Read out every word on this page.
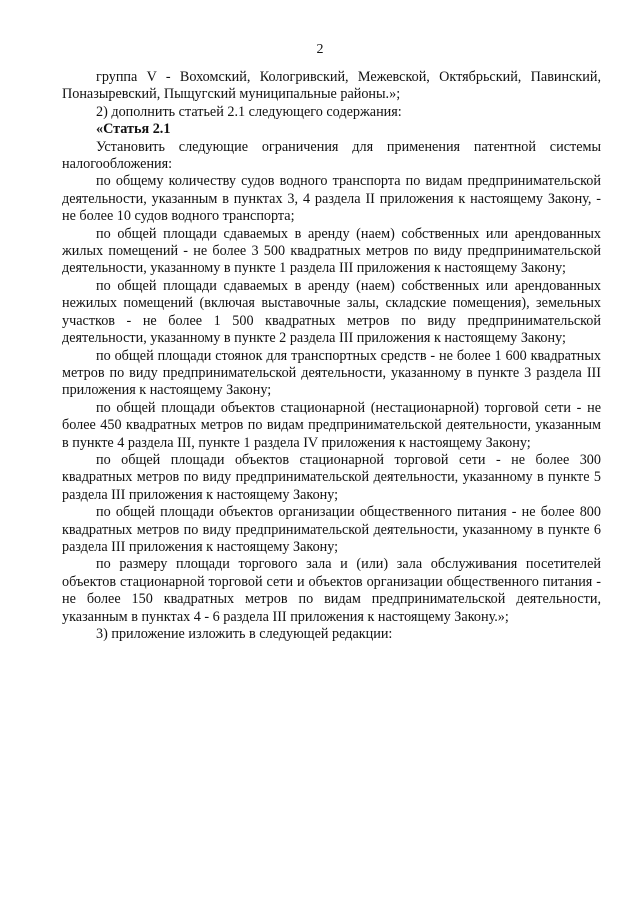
2

группа V - Вохомский, Кологривский, Межевской, Октябрьский, Павинский, Поназыревский, Пыщугский муниципальные районы.»;

2) дополнить статьей 2.1 следующего содержания:

«Статья 2.1

Установить следующие ограничения для применения патентной системы налогообложения:

по общему количеству судов водного транспорта по видам предпринимательской деятельности, указанным в пунктах 3, 4 раздела II приложения к настоящему Закону, - не более 10 судов водного транспорта;

по общей площади сдаваемых в аренду (наем) собственных или арендованных жилых помещений - не более 3 500 квадратных метров по виду предпринимательской деятельности, указанному в пункте 1 раздела III приложения к настоящему Закону;

по общей площади сдаваемых в аренду (наем) собственных или арендованных нежилых помещений (включая выставочные залы, складские помещения), земельных участков - не более 1 500 квадратных метров по виду предпринимательской деятельности, указанному в пункте 2 раздела III приложения к настоящему Закону;

по общей площади стоянок для транспортных средств - не более 1 600 квадратных метров по виду предпринимательской деятельности, указанному в пункте 3 раздела III приложения к настоящему Закону;

по общей площади объектов стационарной (нестационарной) торговой сети - не более 450 квадратных метров по видам предпринимательской деятельности, указанным в пункте 4 раздела III, пункте 1 раздела IV приложения к настоящему Закону;

по общей площади объектов стационарной торговой сети - не более 300 квадратных метров по виду предпринимательской деятельности, указанному в пункте 5 раздела III приложения к настоящему Закону;

по общей площади объектов организации общественного питания - не более 800 квадратных метров по виду предпринимательской деятельности, указанному в пункте 6 раздела III приложения к настоящему Закону;

по размеру площади торгового зала и (или) зала обслуживания посетителей объектов стационарной торговой сети и объектов организации общественного питания - не более 150 квадратных метров по видам предпринимательской деятельности, указанным в пунктах 4 - 6 раздела III приложения к настоящему Закону.»;

3) приложение изложить в следующей редакции:
